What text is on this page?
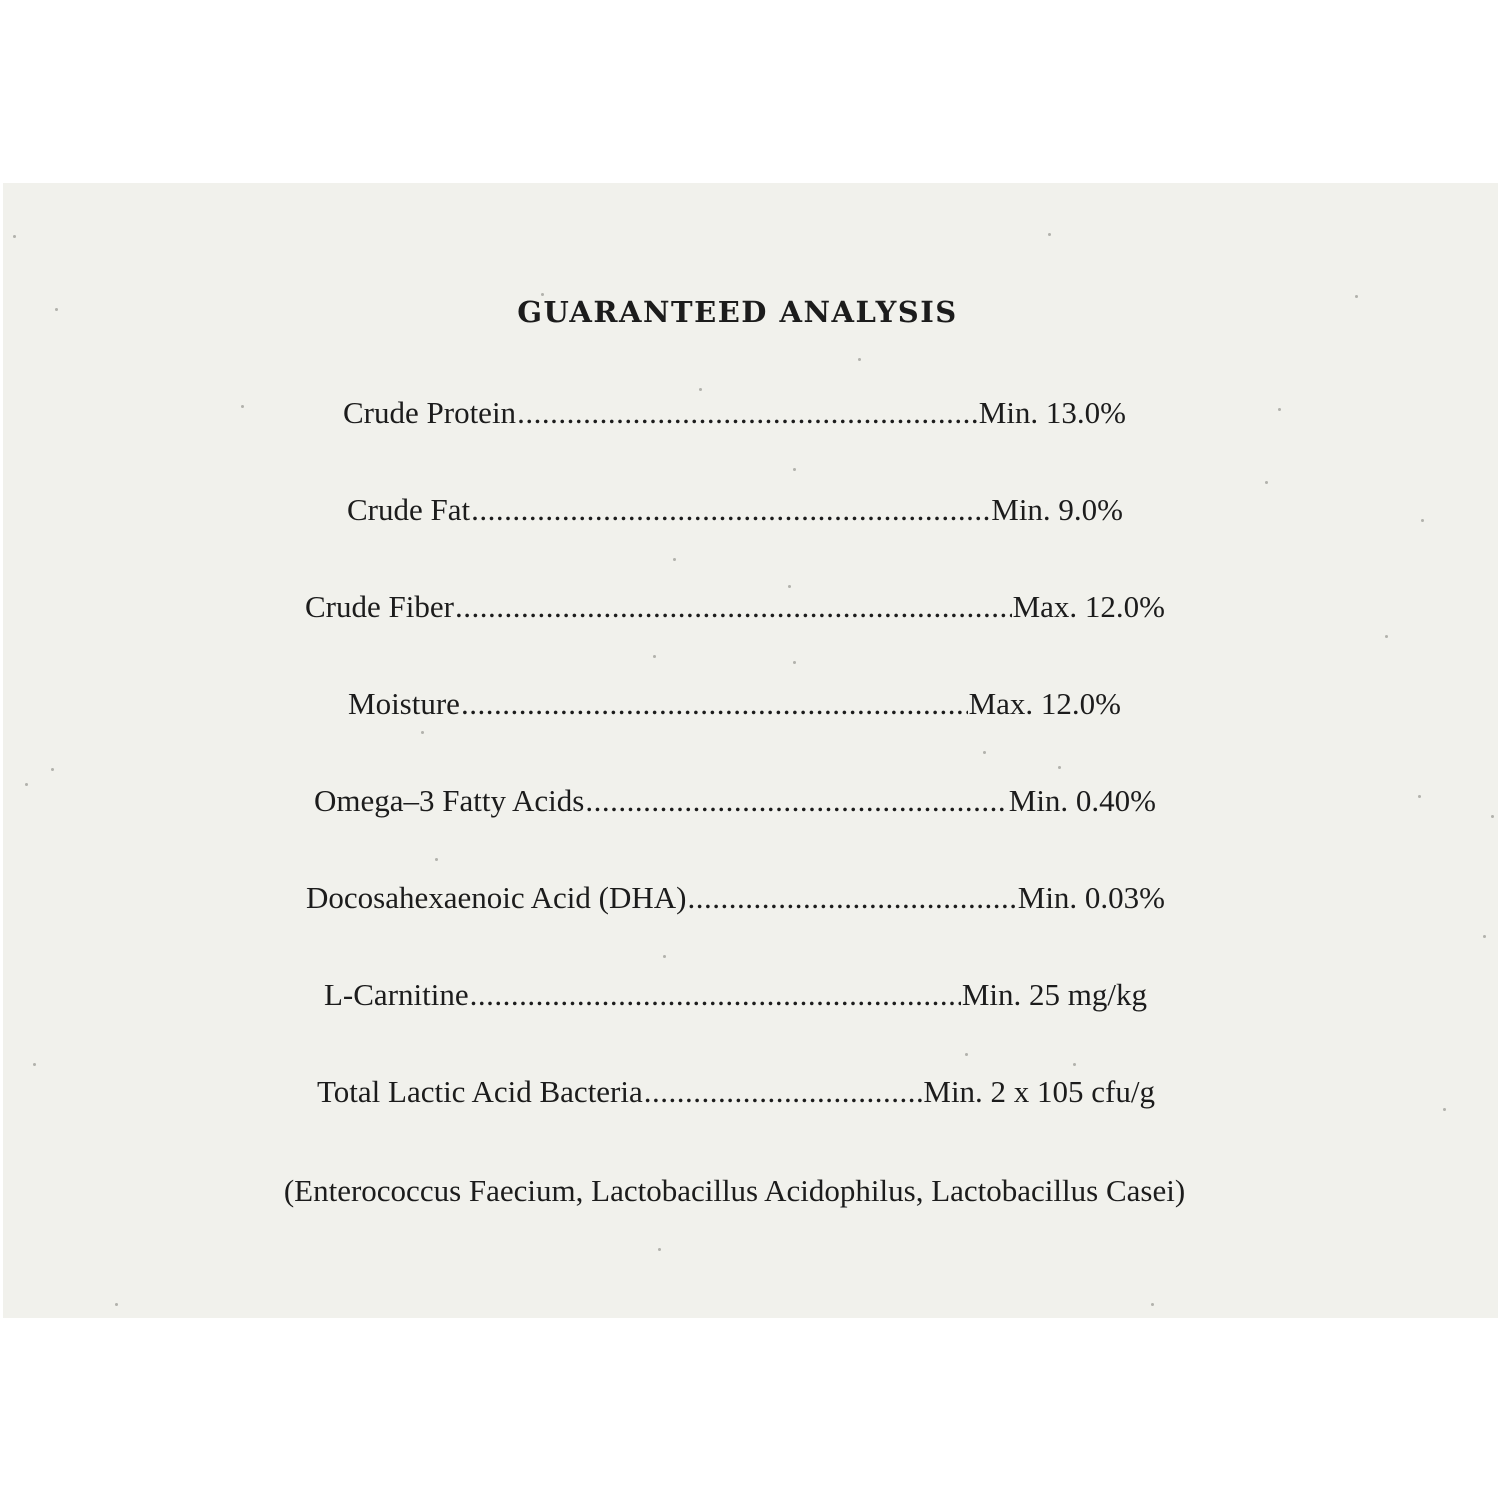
GUARANTEED ANALYSIS
Crude Protein .....	Min. 13.0%
Crude Fat .....	Min. 9.0%
Crude Fiber .....	Max. 12.0%
Moisture .....	Max. 12.0%
Omega–3 Fatty Acids .....	Min. 0.40%
Docosahexaenoic Acid (DHA) .....	Min. 0.03%
L-Carnitine .....	Min. 25 mg/kg
Total Lactic Acid Bacteria .....	Min. 2 x 105 cfu/g
(Enterococcus Faecium, Lactobacillus Acidophilus, Lactobacillus Casei)
